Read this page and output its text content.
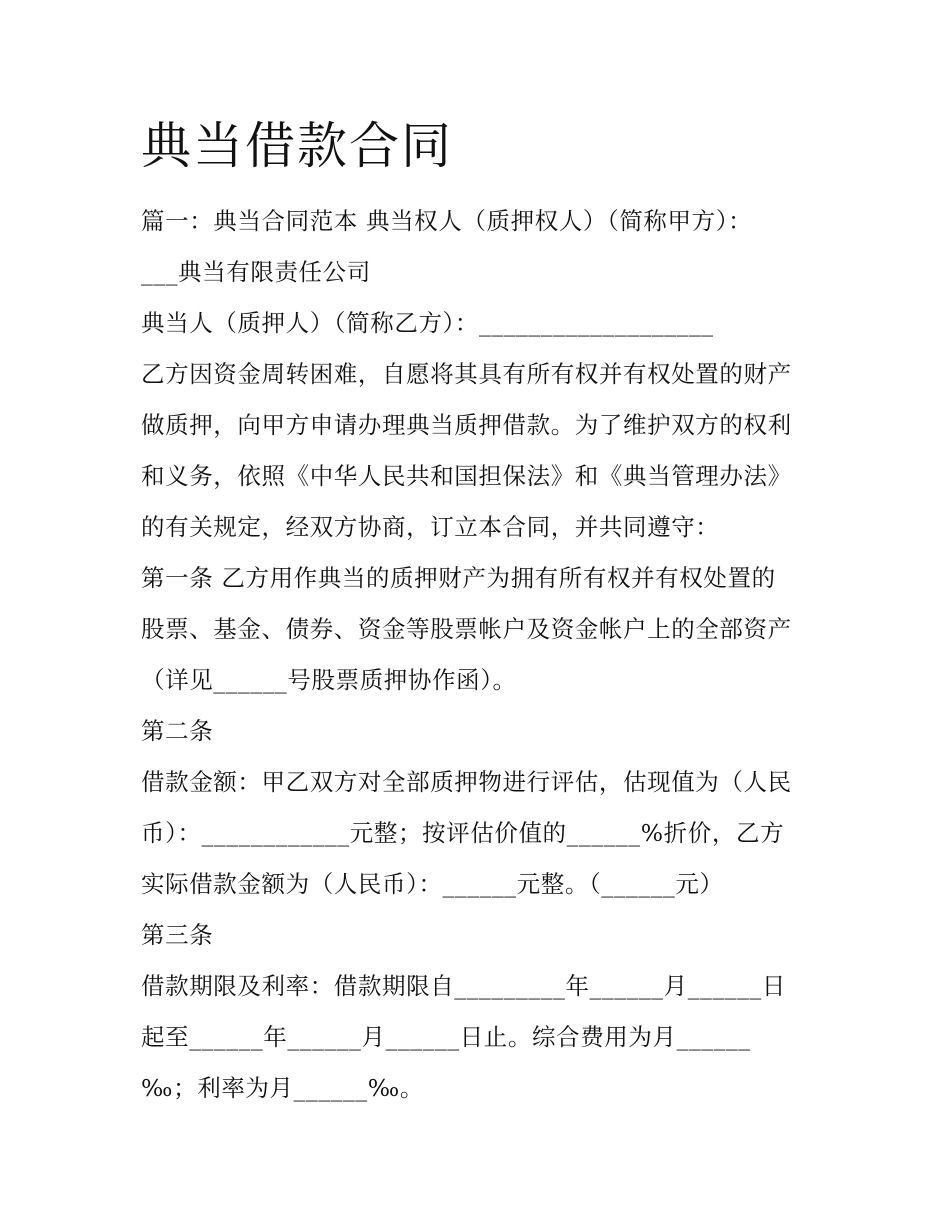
典当借款合同
篇一：典当合同范本 典当权人（质押权人）（简称甲方）：
___典当有限责任公司
典当人（质押人）（简称乙方）：___________________
乙方因资金周转困难，自愿将其具有所有权并有权处置的财产
做质押，向甲方申请办理典当质押借款。为了维护双方的权利
和义务，依照《中华人民共和国担保法》和《典当管理办法》
的有关规定，经双方协商，订立本合同，并共同遵守：
第一条 乙方用作典当的质押财产为拥有所有权并有权处置的
股票、基金、债券、资金等股票帐户及资金帐户上的全部资产
（详见______号股票质押协作函）。
第二条
借款金额：甲乙双方对全部质押物进行评估，估现值为（人民
币）：____________元整；按评估价值的______%折价，乙方
实际借款金额为（人民币）：______元整。（______元）
第三条
借款期限及利率：借款期限自_________年______月______日
起至______年______月______日止。综合费用为月______
‰；利率为月______‰。
